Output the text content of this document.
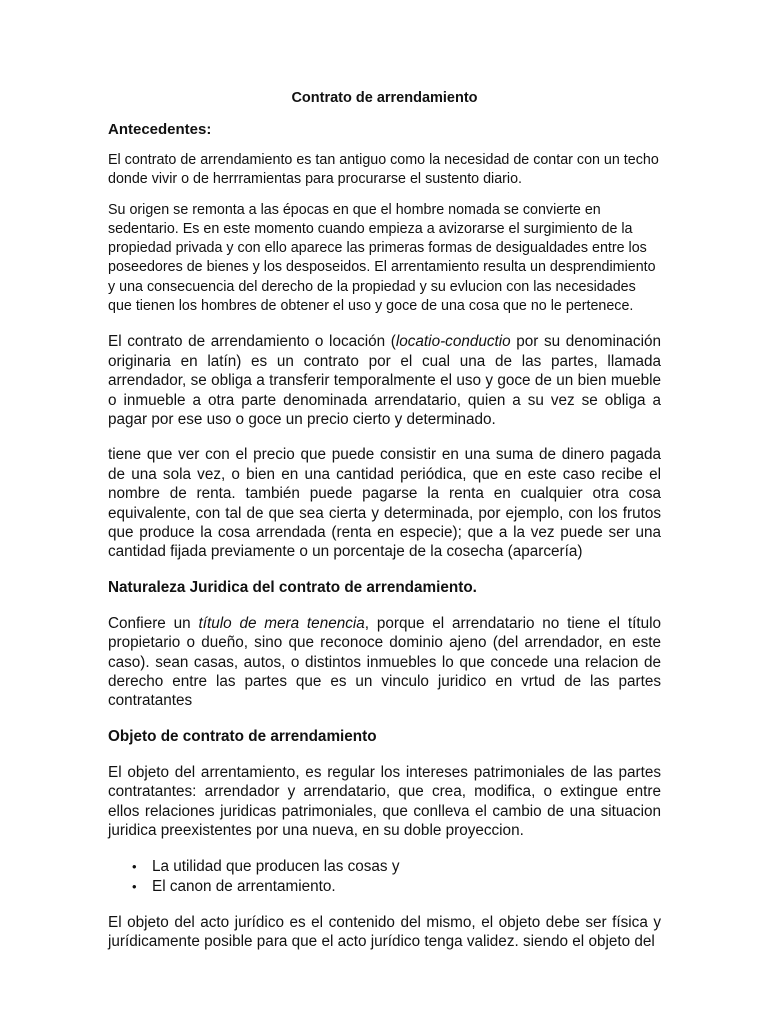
Contrato de arrendamiento
Antecedentes:

El contrato de arrendamiento es tan antiguo como la necesidad de contar con un techo donde vivir o de herrramientas para procurarse el sustento diario.

Su origen se remonta a las épocas en que el hombre nomada se convierte en sedentario. Es en este momento cuando empieza a avizorarse el surgimiento de la propiedad privada y con ello aparece las primeras formas de desigualdades entre los poseedores de bienes y los desposeidos. El arrentamiento resulta un desprendimiento y una consecuencia del derecho de la propiedad y su evlucion con las necesidades que tienen los hombres de obtener el uso y goce de una cosa que no le pertenece.

El contrato de arrendamiento o locación (locatio-conductio por su denominación originaria en latín) es un contrato por el cual una de las partes, llamada arrendador, se obliga a transferir temporalmente el uso y goce de un bien mueble o inmueble a otra parte denominada arrendatario, quien a su vez se obliga a pagar por ese uso o goce un precio cierto y determinado.

tiene que ver con el precio que puede consistir en una suma de dinero pagada de una sola vez, o bien en una cantidad periódica, que en este caso recibe el nombre de renta. también puede pagarse la renta en cualquier otra cosa equivalente, con tal de que sea cierta y determinada, por ejemplo, con los frutos que produce la cosa arrendada (renta en especie); que a la vez puede ser una cantidad fijada previamente o un porcentaje de la cosecha (aparcería)

Naturaleza Juridica del contrato de arrendamiento.

Confiere un título de mera tenencia, porque el arrendatario no tiene el título propietario o dueño, sino que reconoce dominio ajeno (del arrendador, en este caso). sean casas, autos, o distintos inmuebles lo que concede una relacion de derecho entre las partes que es un vinculo juridico en vrtud de las partes contratantes

Objeto de contrato de arrendamiento

El objeto del arrentamiento, es regular los intereses patrimoniales de las partes contratantes: arrendador y arrendatario, que crea, modifica, o extingue entre ellos relaciones juridicas patrimoniales, que conlleva el cambio de una situacion juridica preexistentes por una nueva, en su doble proyeccion.

• La utilidad que producen las cosas y
• El canon de arrentamiento.

El objeto del acto jurídico es el contenido del mismo, el objeto debe ser física y jurídicamente posible para que el acto jurídico tenga validez. siendo el objeto del
